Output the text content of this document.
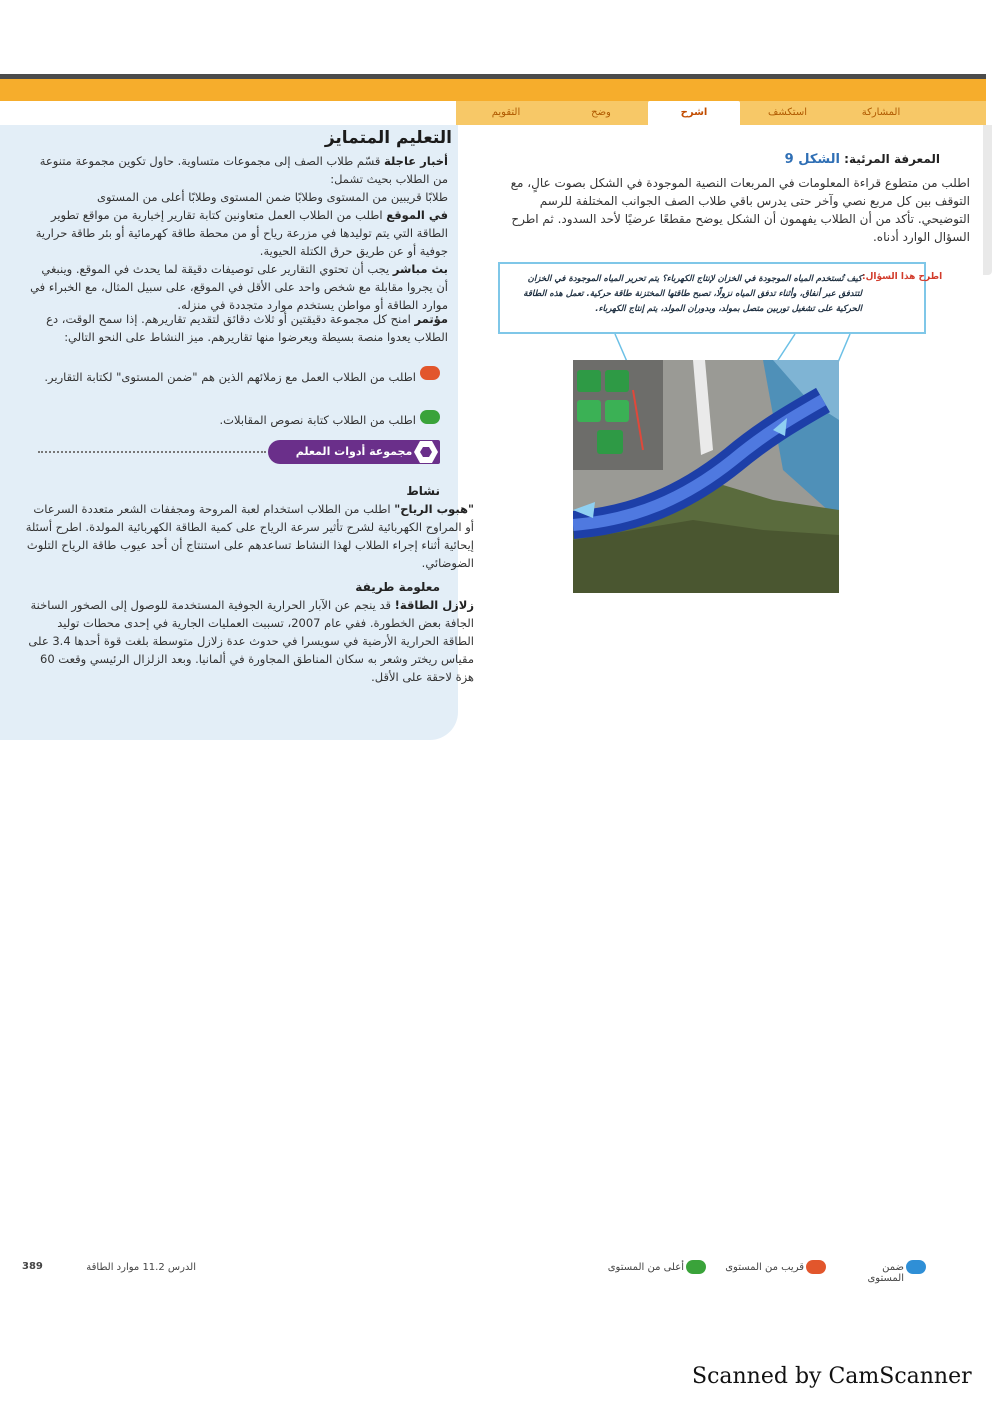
المشاركة
استكشف
اشرح
وضح
التقويم
التعليم المتمايز
أخبار عاجلة قسّم طلاب الصف إلى مجموعات متساوية. حاول تكوين مجموعة متنوعة من الطلاب بحيث تشمل:
طلابًا قريبين من المستوى وطلابًا ضمن المستوى وطلابًا أعلى من المستوى
في الموقع اطلب من الطلاب العمل متعاونين كتابة تقارير إخبارية من مواقع تطوير الطاقة التي يتم توليدها في مزرعة رياح أو من محطة طاقة كهرمائية أو بئر طاقة حرارية جوفية أو عن طريق حرق الكتلة الحيوية.
بث مباشر يجب أن تحتوي التقارير على توصيفات دقيقة لما يحدث في الموقع. وينبغي أن يجروا مقابلة مع شخص واحد على الأقل في الموقع، على سبيل المثال، مع الخبراء في موارد الطاقة أو مواطن يستخدم موارد متجددة في منزله.
مؤتمر امنح كل مجموعة دقيقتين أو ثلاث دقائق لتقديم تقاريرهم. إذا سمح الوقت، دع الطلاب يعدوا منصة بسيطة ويعرضوا منها تقاريرهم. ميز النشاط على النحو التالي:
اطلب من الطلاب العمل مع زملائهم الذين هم "ضمن المستوى" لكتابة التقارير.
اطلب من الطلاب كتابة نصوص المقابلات.
مجموعة أدوات المعلم
نشاط
"هبوب الرياح" اطلب من الطلاب استخدام لعبة المروحة ومجففات الشعر متعددة السرعات أو المراوح الكهربائية لشرح تأثير سرعة الرياح على كمية الطاقة الكهربائية المولدة. اطرح أسئلة إيحائية أثناء إجراء الطلاب لهذا النشاط تساعدهم على استنتاج أن أحد عيوب طاقة الرياح التلوث الضوضائي.
معلومة طريفة
زلازل الطاقة! قد ينجم عن الآبار الحرارية الجوفية المستخدمة للوصول إلى الصخور الساخنة الجافة بعض الخطورة. ففي عام 2007، تسببت العمليات الجارية في إحدى محطات توليد الطاقة الحرارية الأرضية في سويسرا في حدوث عدة زلازل متوسطة بلغت قوة أحدها 3.4 على مقياس ريختر وشعر به سكان المناطق المجاورة في ألمانيا. وبعد الزلزال الرئيسي وقعت 60 هزة لاحقة على الأقل.
المعرفة المرئية: الشكل 9
اطلب من متطوع قراءة المعلومات في المربعات النصية الموجودة في الشكل بصوت عالٍ، مع التوقف بين كل مربع نصي وآخر حتى يدرس باقي طلاب الصف الجوانب المختلفة للرسم التوضيحي. تأكد من أن الطلاب يفهمون أن الشكل يوضح مقطعًا عرضيًا لأحد السدود. ثم اطرح السؤال الوارد أدناه.
اطرح هذا السؤال:
كيف تُستخدم المياه الموجودة في الخزان لإنتاج الكهرباء؟ يتم تحرير المياه الموجودة في الخزان لتتدفق عبر أنفاق، وأثناء تدفق المياه نزولًا، تصبح طاقتها المختزنة طاقة حركية. تعمل هذه الطاقة الحركية على تشغيل توربين متصل بمولد، وبدوران المولد، يتم إنتاج الكهرباء.
389	الدرس 11.2 موارد الطاقة	أعلى من المستوى	قريب من المستوى	ضمن المستوى
Scanned by CamScanner
